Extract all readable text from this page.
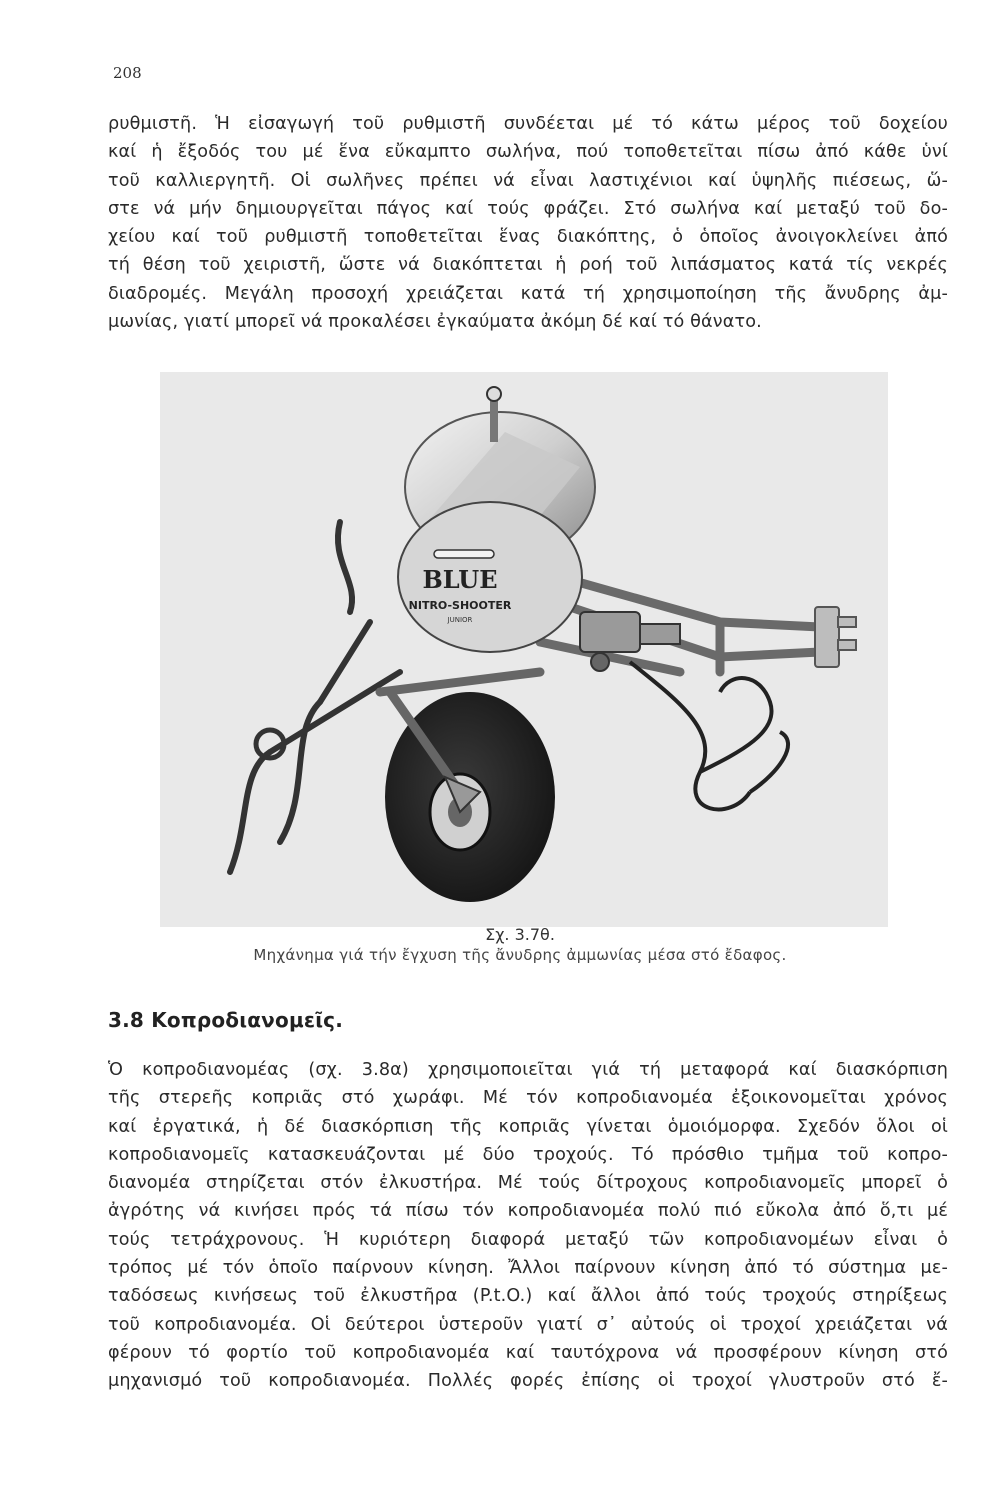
208
ρυθμιστῆ. Ἡ εἰσαγωγή τοῦ ρυθμιστῆ συνδέεται μέ τό κάτω μέρος τοῦ δοχείου
καί ἡ ἔξοδός του μέ ἕνα εὔκαμπτο σωλήνα, πού τοποθετεῖται πίσω ἀπό κάθε ὑνί
τοῦ καλλιεργητῆ. Οἱ σωλῆνες πρέπει νά εἶναι λαστιχένιοι καί ὑψηλῆς πιέσεως, ὥ-
στε νά μήν δημιουργεῖται πάγος καί τούς φράζει. Στό σωλήνα καί μεταξύ τοῦ δο-
χείου καί τοῦ ρυθμιστῆ τοποθετεῖται ἕνας διακόπτης, ὁ ὁποῖος ἀνοιγοκλείνει ἀπό
τή θέση τοῦ χειριστῆ, ὥστε νά διακόπτεται ἡ ροή τοῦ λιπάσματος κατά τίς νεκρές
διαδρομές. Μεγάλη προσοχή χρειάζεται κατά τή χρησιμοποίηση τῆς ἄνυδρης ἀμ-
μωνίας, γιατί μπορεῖ νά προκαλέσει ἐγκαύματα ἀκόμη δέ καί τό θάνατο.
BLUE
NITRO-SHOOTER
JUNIOR
Σχ. 3.7θ.
Μηχάνημα γιά τήν ἔγχυση τῆς ἄνυδρης ἀμμωνίας μέσα στό ἔδαφος.
3.8 Κοπροδιανομεῖς.
Ὁ κοπροδιανομέας (σχ. 3.8α) χρησιμοποιεῖται γιά τή μεταφορά καί διασκόρπιση
τῆς στερεῆς κοπριᾶς στό χωράφι. Μέ τόν κοπροδιανομέα ἐξοικονομεῖται χρόνος
καί ἐργατικά, ἡ δέ διασκόρπιση τῆς κοπριᾶς γίνεται ὁμοιόμορφα. Σχεδόν ὅλοι οἱ
κοπροδιανομεῖς κατασκευάζονται μέ δύο τροχούς. Τό πρόσθιο τμῆμα τοῦ κοπρο-
διανομέα στηρίζεται στόν ἐλκυστήρα. Μέ τούς δίτροχους κοπροδιανομεῖς μπορεῖ ὁ
ἀγρότης νά κινήσει πρός τά πίσω τόν κοπροδιανομέα πολύ πιό εὔκολα ἀπό ὅ,τι μέ
τούς τετράχρονους. Ἡ κυριότερη διαφορά μεταξύ τῶν κοπροδιανομέων εἶναι ὁ
τρόπος μέ τόν ὁποῖο παίρνουν κίνηση. Ἄλλοι παίρνουν κίνηση ἀπό τό σύστημα με-
ταδόσεως κινήσεως τοῦ ἐλκυστῆρα (P.t.O.) καί ἄλλοι ἀπό τούς τροχούς στηρίξεως
τοῦ κοπροδιανομέα. Οἱ δεύτεροι ὑστεροῦν γιατί σ᾽ αὐτούς οἱ τροχοί χρειάζεται νά
φέρουν τό φορτίο τοῦ κοπροδιανομέα καί ταυτόχρονα νά προσφέρουν κίνηση στό
μηχανισμό τοῦ κοπροδιανομέα. Πολλές φορές ἐπίσης οἱ τροχοί γλυστροῦν στό ἔ-
